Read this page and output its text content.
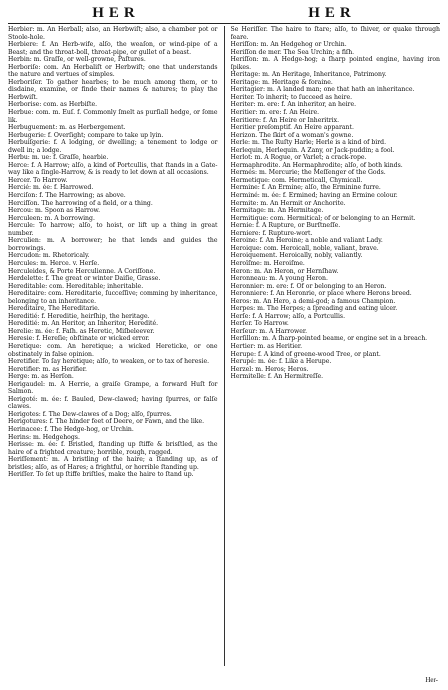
HER	HER

Herbier: m. An Herball; also, an Herbwiſt; also, a chamber pot or Stoole-hole.

Herbiere: f. An Herb-wife, alſo, the weaſon, or wind-pipe of a Beast; and the throat-boll, throat-pipe, or gullet of a beast.

Herbin: m. Graſſe, or well-growne, Paſtures.

Herboriſe: com. An Herbaliſt or Herbwiſt; one that understands the nature and vertues of simples.

Herboriſer. To gather hearbes; to be much among them, or to disdaine, examine, or finde their names & natures; to play the Herbwiſt.

Herborise: com. as Herbiſte.

Herbue: com. m. Euſ. f. Commonly ſmelt as purſiall hedge, or ſome lik.

Herbuguement: m. as Herbergement.

Herbugerie: f. Overſight; compare to take up lyin.

Herbuiſgerie: f. A lodging, or dwelling; a tenement to lodge or dwell in; a lodge.

Herbu: m. ue: f. Graſſe, hearbie.

Herce: f. A Harrow; alſo, a kind of Portcullis, that ſtands in a Gate-way like a ſingle-Harrow, & is ready to let down at all occasions.

Hercer. To Harrow.

Hercié: m. ée: f. Harrowed.

Herciſon: f. The Harrowing; as above.

Herciſſon. The harrowing of a field, or a thing.

Hercou: m. Spoon as Harrow.

Herculeen: m. A borrowing.

Hercule: To harrow; alſo, to hoist, or lift up a thing in great number.

Herculien: m. A borrower; he that lends and guides the borrowings.

Hercudon: m. Rhetoricaly.

Hercules: m. Herce. v. Herſe.

Herculeides, & Porte Herculienne. A Coriſſone.

Herdelette: f. The great or winter Daiſie, Grasse.

Hereditable: com. Hereditable; inheritable.

Hereditaire: com. Hereditarie, ſucceſſive; comming by inheritance, belonging to an inheritance.

Hereditaire, The Hereditarie.

Hereditié: f. Hereditie, heirſhip, the heritage.

Hereditié: m. An Heritor, an Inheritor, Heredité.

Herelie: m. ée: f. Faſh. as Heretic, Miſbeleever.

Heresie: f. Hereſie; obſtinate or wicked error.

Heretique: com. An heretique; a wicked Hereticke, or one obstinately in false opinion.

Heretifier. To ſay heretique; alſo, to weaken, or to tax of heresie.

Heretifier: m. as Herifier.

Herge: m. as Herſon.

Herigaudel: m. A Herrie, a graiſe Grampe, a forward Huſt for Salmon.

Herigoté: m. ée: f. Bauled, Dew-clawed; having ſpurres, or falſe clawes.

Herigotes: f. The Dew-clawes of a Dog; alſo, ſpurres.

Herigotures: f. The hinder feet of Deere, or Fawn, and the like.

Herinacee: f. The Hedge-hog, or Urchin.

Herins: m. Hedgehogs.

Herisse: m. ée: f. Bristled, ſtanding up ſtiffe & brisſtled, as the haire of a frighted creature; horrible, rough, ragged.

Heriſſement: m. A bristling of the haire; a ſtanding up, as of bristles; alſo, as of Hares; a frightful, or horrible ſtanding up.

Heriſſer. To ſet up ſtiffe briſtles, make the haire to ſtand up.

Se Heriſſer. The haire to ſtare; alſo, to ſhiver, or quake through feare.

Heriſſon: m. An Hedgehog or Urchin.

Heriſſon de mer. The Sea Urchin; a fiſh.

Heriſſon: m. A Hedge-hog; a ſharp pointed engine, having iron ſpikes.

Heritage: m. An Heritage, Inheritance, Patrimony.

Heritage: m. Heritage & foraine.

Heritagier: m. A landed man; one that hath an inheritance.

Heriter. To inherit; to ſucceed as heire.

Heriter: m. ere: f. An inheritor, an heire.

Heritier: m. ere: f. An Heire.

Heritiere: f. An Heire or Inheritrix.

Heritier preſomptif. An Heire apparant.

Herizon. The ſkirt of a woman's gowne.

Herle: m. The Ruſty Harle; Herle is a kind of bird.

Herlequin, Herlequin. A Zany, or Jack-puddin; a fool.

Herlot: m. A Rogue, or Varlet; a crack-rope.

Hermaphrodite. An Hermaphrodite; alſo, of both kinds.

Hermés: m. Mercurie; the Meſſenger of the Gods.

Hermetique: com. Hermeticall, Chymicall.

Hermine: f. An Ermine; alſo, the Erminine furre.

Herminé: m. ée: f. Ermined; having an Ermine colour.

Hermite: m. An Hermit or Anchorite.

Hermitage: m. An Hermitage.

Hermitique: com. Hermitical; of or belonging to an Hermit.

Hernie: f. A Rupture, or Burſtneſſe.

Herniere: f. Rupture-wort.

Heroine: f. An Heroine; a noble and valiant Lady.

Heroique: com. Heroicall, noble, valiant, brave.

Heroiquement. Heroically, nobly, valiantly.

Heroïſme: m. Heroiſme.

Heron: m. An Heron, or Hernſhaw.

Heronneau: m. A young Heron.

Heronnier: m. ere: f. Of or belonging to an Heron.

Heronniere: f. An Heronrie, or place where Herons breed.

Heros: m. An Hero, a demi-god; a famous Champion.

Herpes: m. The Herpes; a ſpreading and eating ulcer.

Herſe: f. A Harrow; alſo, a Portcullis.

Herſer. To Harrow.

Herſeur: m. A Harrower.

Herſillon: m. A ſharp-pointed beame, or engine set in a breach.

Hertier: m. as Heritier.

Herupe: f. A kind of greene-wood Tree, or plant.

Herupé: m. ée: f. Like a Herupe.

Herzel: m. Heros; Heros.

Hermitelle: f. An Hermitreſſe.

Her-
